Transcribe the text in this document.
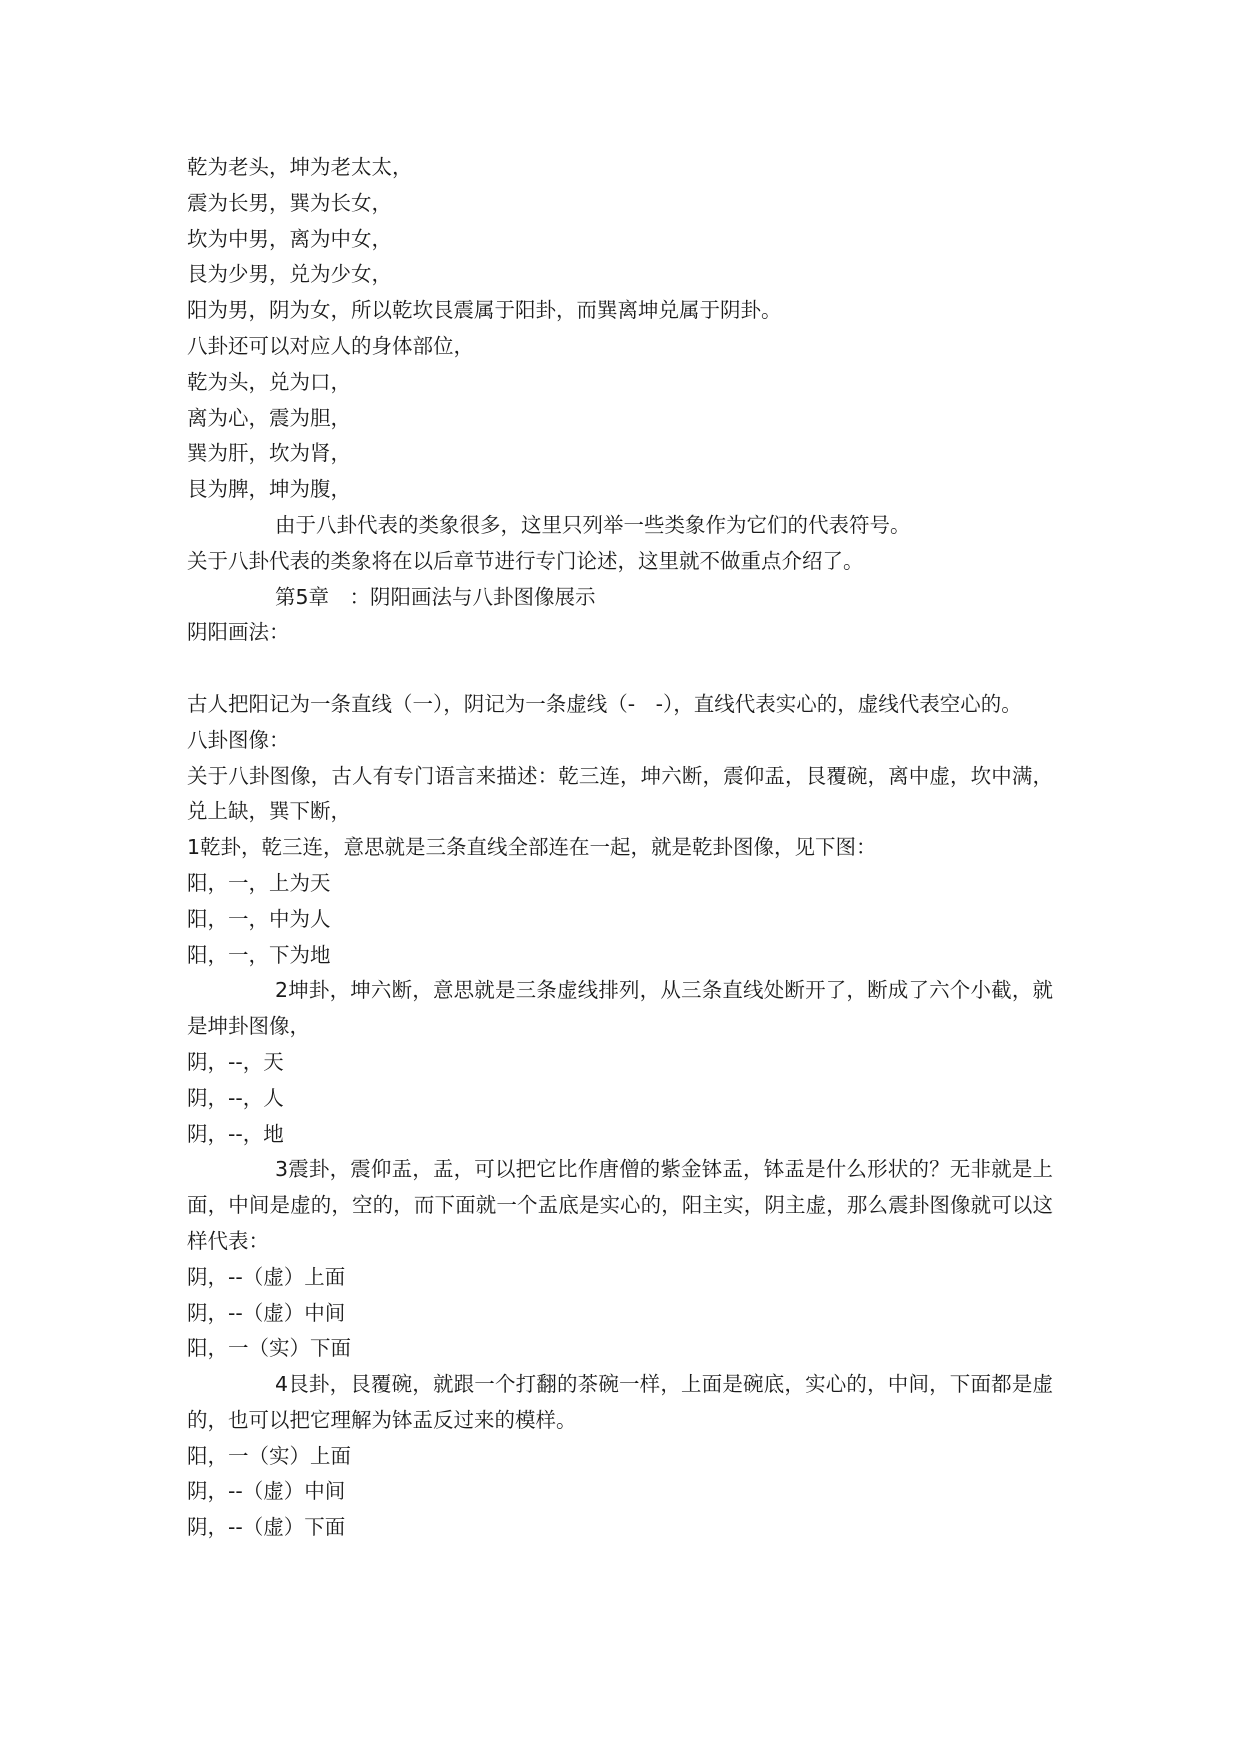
乾为老头，坤为老太太，

震为长男，巽为长女，

坎为中男，离为中女，

艮为少男，兑为少女，

阳为男，阴为女，所以乾坎艮震属于阳卦，而巽离坤兑属于阴卦。

八卦还可以对应人的身体部位，

乾为头，兑为口，

离为心，震为胆，

巽为肝，坎为肾，

艮为脾，坤为腹，

由于八卦代表的类象很多，这里只列举一些类象作为它们的代表符号。

关于八卦代表的类象将在以后章节进行专门论述，这里就不做重点介绍了。

第5章　：阴阳画法与八卦图像展示

阴阳画法：

古人把阳记为一条直线（一），阴记为一条虚线（-　-），直线代表实心的，虚线代表空心的。

八卦图像：

关于八卦图像，古人有专门语言来描述：乾三连，坤六断，震仰盂，艮覆碗，离中虚，坎中满，兑上缺，巽下断，

1乾卦，乾三连，意思就是三条直线全部连在一起，就是乾卦图像，见下图：

阳，一，上为天

阳，一，中为人

阳，一，下为地

2坤卦，坤六断，意思就是三条虚线排列，从三条直线处断开了，断成了六个小截，就是坤卦图像，

阴，--，天

阴，--，人

阴，--，地

3震卦，震仰盂，盂，可以把它比作唐僧的紫金钵盂，钵盂是什么形状的？无非就是上面，中间是虚的，空的，而下面就一个盂底是实心的，阳主实，阴主虚，那么震卦图像就可以这样代表：

阴，--（虚）上面

阴，--（虚）中间

阳，一（实）下面

4艮卦，艮覆碗，就跟一个打翻的茶碗一样，上面是碗底，实心的，中间，下面都是虚的，也可以把它理解为钵盂反过来的模样。

阳，一（实）上面

阴，--（虚）中间

阴，--（虚）下面
